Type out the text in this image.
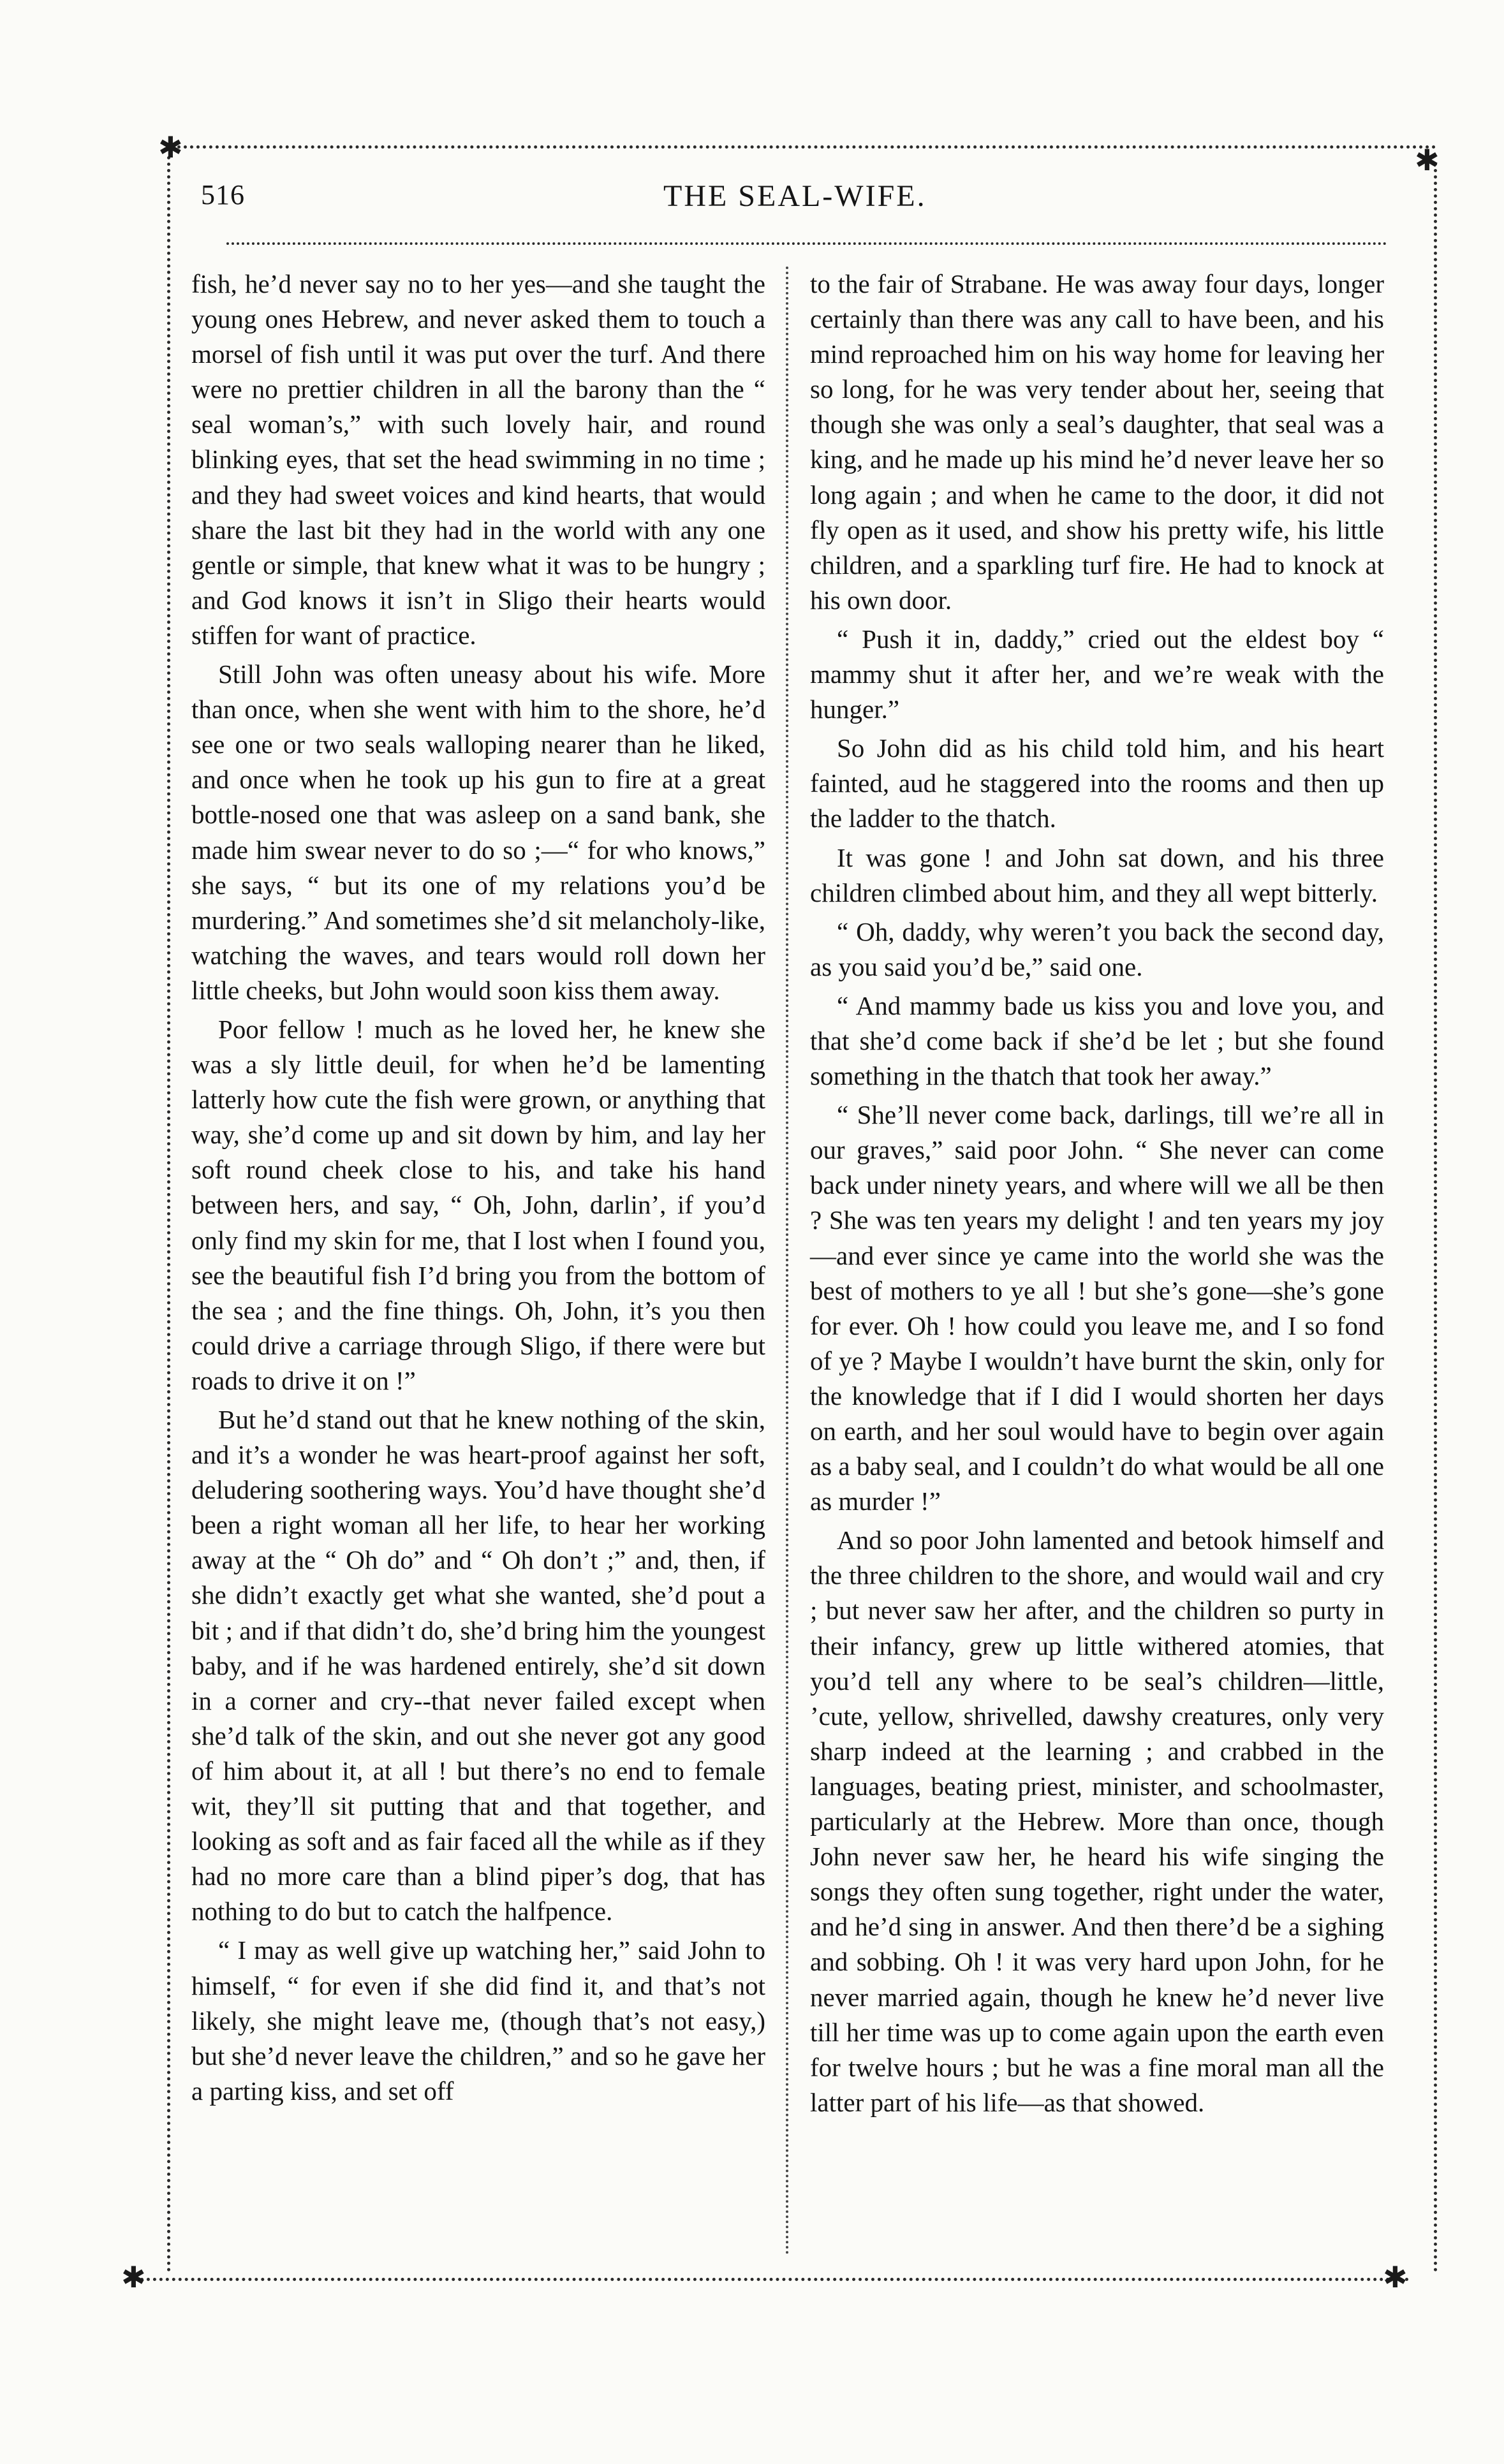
✱	✱
✱	✱
516	THE SEAL-WIFE.

fish, he’d never say no to her yes—and she taught the young ones Hebrew, and never asked them to touch a morsel of fish until it was put over the turf. And there were no prettier children in all the barony than the “ seal woman’s,” with such lovely hair, and round blinking eyes, that set the head swimming in no time ; and they had sweet voices and kind hearts, that would share the last bit they had in the world with any one gentle or simple, that knew what it was to be hungry ; and God knows it isn’t in Sligo their hearts would stiffen for want of practice.

Still John was often uneasy about his wife. More than once, when she went with him to the shore, he’d see one or two seals walloping nearer than he liked, and once when he took up his gun to fire at a great bottle-nosed one that was asleep on a sand bank, she made him swear never to do so ;—“ for who knows,” she says, “ but its one of my relations you’d be murdering.” And sometimes she’d sit melancholy-like, watching the waves, and tears would roll down her little cheeks, but John would soon kiss them away.

Poor fellow ! much as he loved her, he knew she was a sly little deuil, for when he’d be lamenting latterly how cute the fish were grown, or anything that way, she’d come up and sit down by him, and lay her soft round cheek close to his, and take his hand between hers, and say, “ Oh, John, darlin’, if you’d only find my skin for me, that I lost when I found you, see the beautiful fish I’d bring you from the bottom of the sea ; and the fine things. Oh, John, it’s you then could drive a carriage through Sligo, if there were but roads to drive it on !”

But he’d stand out that he knew nothing of the skin, and it’s a wonder he was heart-proof against her soft, deludering soothering ways. You’d have thought she’d been a right woman all her life, to hear her working away at the “ Oh do” and “ Oh don’t ;” and, then, if she didn’t exactly get what she wanted, she’d pout a bit ; and if that didn’t do, she’d bring him the youngest baby, and if he was hardened entirely, she’d sit down in a corner and cry--that never failed except when she’d talk of the skin, and out she never got any good of him about it, at all ! but there’s no end to female wit, they’ll sit putting that and that together, and looking as soft and as fair faced all the while as if they had no more care than a blind piper’s dog, that has nothing to do but to catch the halfpence.

“ I may as well give up watching her,” said John to himself, “ for even if she did find it, and that’s not likely, she might leave me, (though that’s not easy,) but she’d never leave the children,” and so he gave her a parting kiss, and set off

to the fair of Strabane. He was away four days, longer certainly than there was any call to have been, and his mind reproached him on his way home for leaving her so long, for he was very tender about her, seeing that though she was only a seal’s daughter, that seal was a king, and he made up his mind he’d never leave her so long again ; and when he came to the door, it did not fly open as it used, and show his pretty wife, his little children, and a sparkling turf fire. He had to knock at his own door.

“ Push it in, daddy,” cried out the eldest boy “ mammy shut it after her, and we’re weak with the hunger.”

So John did as his child told him, and his heart fainted, aud he staggered into the rooms and then up the ladder to the thatch.

It was gone ! and John sat down, and his three children climbed about him, and they all wept bitterly.

“ Oh, daddy, why weren’t you back the second day, as you said you’d be,” said one.

“ And mammy bade us kiss you and love you, and that she’d come back if she’d be let ; but she found something in the thatch that took her away.”

“ She’ll never come back, darlings, till we’re all in our graves,” said poor John. “ She never can come back under ninety years, and where will we all be then ? She was ten years my delight ! and ten years my joy—and ever since ye came into the world she was the best of mothers to ye all ! but she’s gone—she’s gone for ever. Oh ! how could you leave me, and I so fond of ye ? Maybe I wouldn’t have burnt the skin, only for the knowledge that if I did I would shorten her days on earth, and her soul would have to begin over again as a baby seal, and I couldn’t do what would be all one as murder !”

And so poor John lamented and betook himself and the three children to the shore, and would wail and cry ; but never saw her after, and the children so purty in their infancy, grew up little withered atomies, that you’d tell any where to be seal’s children—little, ’cute, yellow, shrivelled, dawshy creatures, only very sharp indeed at the learning ; and crabbed in the languages, beating priest, minister, and schoolmaster, particularly at the Hebrew. More than once, though John never saw her, he heard his wife singing the songs they often sung together, right under the water, and he’d sing in answer. And then there’d be a sighing and sobbing. Oh ! it was very hard upon John, for he never married again, though he knew he’d never live till her time was up to come again upon the earth even for twelve hours ; but he was a fine moral man all the latter part of his life—as that showed.
